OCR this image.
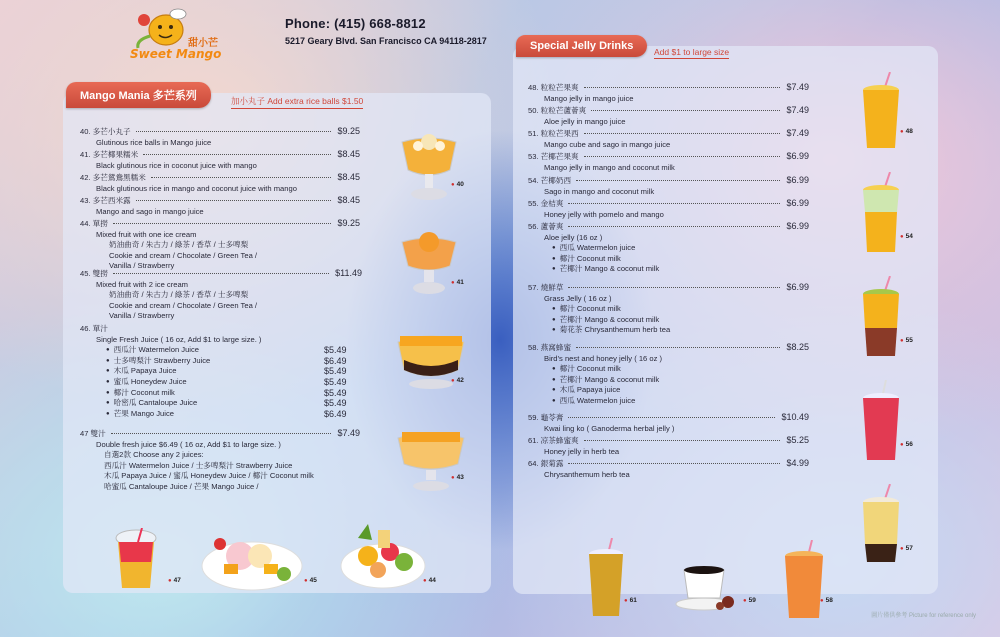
Sweet Mango
甜小芒
Phone: (415) 668-8812
5217 Geary Blvd. San Francisco CA 94118-2817
Mango Mania 多芒系列	加小丸子 Add extra rice balls $1.50
Special Jelly Drinks	Add $1 to large size
40. 多芒小丸子	$9.25
Glutinous rice balls in Mango juice
41. 多芒椰果糯米	$8.45
Black glutinous rice in coconut juice with mango
42. 多芒鴛鴦黑糯米	$8.45
Black glutinous rice in mango and coconut juice with mango
43. 多芒西米露	$8.45
Mango and sago in mango juice
44. 單撈	$9.25
Mixed fruit with one ice cream
奶油曲奇 / 朱古力 / 綠茶 / 香草 / 士多啤梨
Cookie and cream / Chocolate / Green Tea /
Vanilla / Strawberry
45. 雙撈	$11.49
Mixed fruit with 2 ice cream
奶油曲奇 / 朱古力 / 綠茶 / 香草 / 士多啤梨
Cookie and cream / Chocolate / Green Tea /
Vanilla / Strawberry
46. 單汁
Single Fresh Juice ( 16 oz, Add $1 to large size. )
● 西瓜汁 Watermelon Juice	$5.49
● 士多啤梨汁 Strawberry Juice	$6.49
● 木瓜 Papaya Juice	$5.49
● 蜜瓜 Honeydew Juice	$5.49
● 椰汁 Coconut milk	$5.49
● 哈密瓜 Cantaloupe Juice	$5.49
● 芒果 Mango Juice	$6.49
47 雙汁	$7.49
Double fresh juice $6.49 ( 16 oz, Add $1 to large size. )
自選2款 Choose any 2 juices:
西瓜汁 Watermelon Juice / 士多啤梨汁 Strawberry Juice
木瓜 Papaya Juice / 蜜瓜 Honeydew Juice / 椰汁 Coconut milk
哈蜜瓜 Cantaloupe Juice / 芒果 Mango Juice /
● 40
● 41
● 42
● 43
● 47	● 45	● 44
48. 粒粒芒果爽	$7.49
Mango jelly in mango juice
50. 粒粒芒蘆薈爽	$7.49
Aloe jelly in mango juice
51. 粒粒芒果西	$7.49
Mango cube and sago in mango juice
53. 芒椰芒果爽	$6.99
Mango jelly in mango and coconut milk
54. 芒椰奶西	$6.99
Sago in mango and coconut milk
55. 金桔爽	$6.99
Honey jelly with pomelo and mango
56. 蘆薈爽	$6.99
Aloe jelly (16 oz )
● 西瓜 Watermelon juice
● 椰汁 Coconut milk
● 芒椰汁 Mango & coconut milk
57. 燒鮮草	$6.99
Grass Jelly ( 16 oz )
● 椰汁 Coconut milk
● 芒椰汁 Mango & coconut milk
● 菊花茶 Chrysanthemum herb tea
58. 燕窩蜂蜜	$8.25
Bird’s nest and honey jelly ( 16 oz )
● 椰汁 Coconut milk
● 芒椰汁 Mango & coconut milk
● 木瓜 Papaya juice
● 西瓜 Watermelon juice
59. 龜苓膏	$10.49
Kwai ling ko ( Ganoderma herbal jelly )
61. 凉茶蜂蜜爽	$5.25
Honey jelly in herb tea
64. 銀菊露	$4.99
Chrysanthemum herb tea
● 48
● 54
● 55
● 56
● 57
● 61	● 59	● 58
圖片僅供參考 Picture for reference only
